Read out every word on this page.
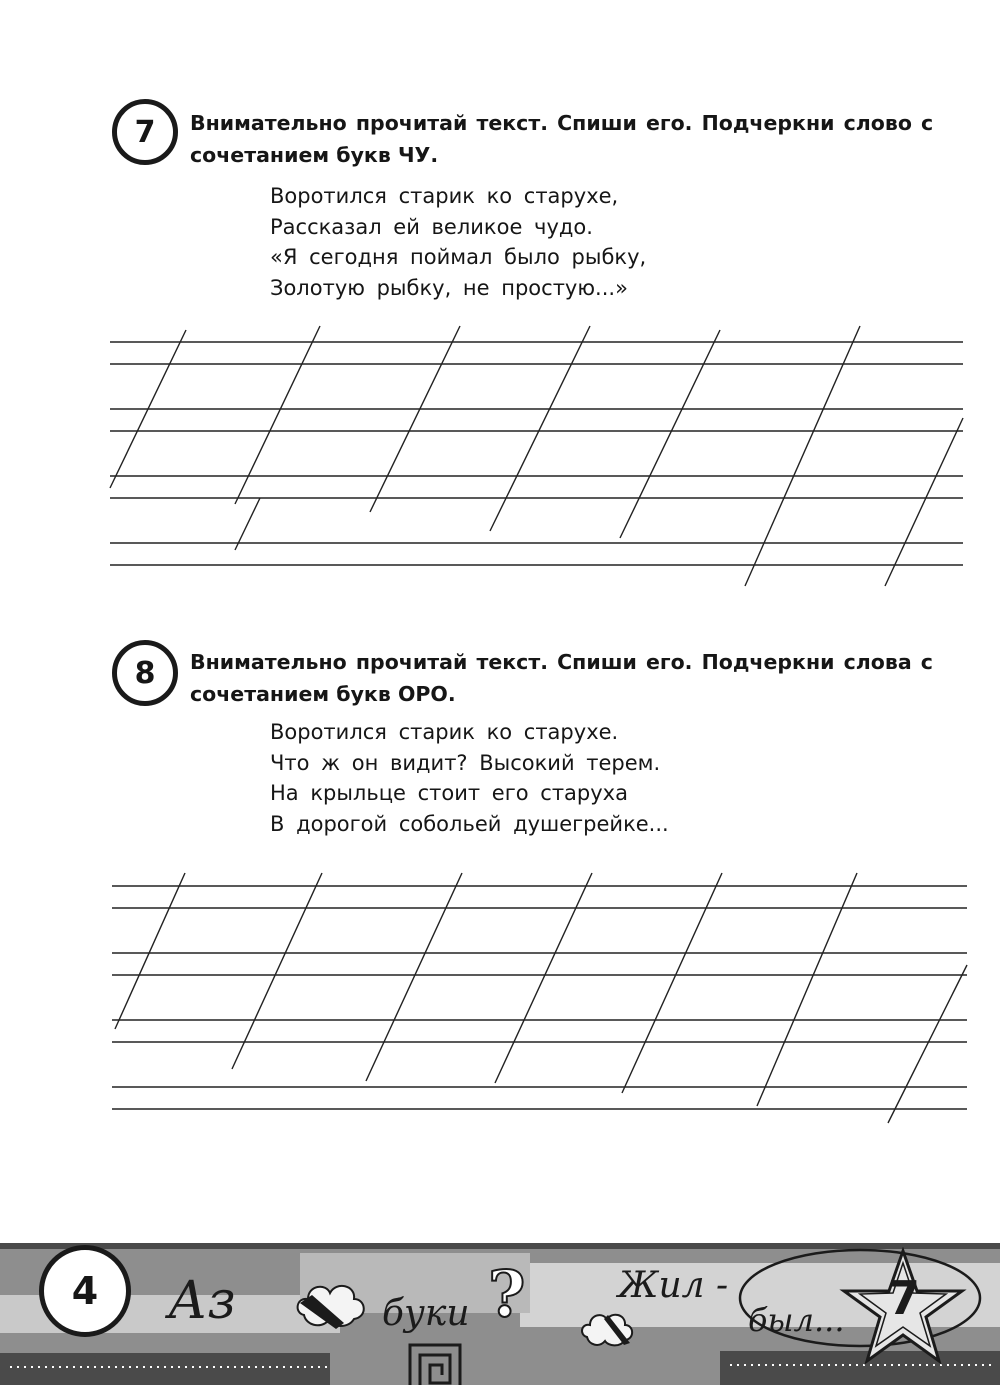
7	Внимательно прочитай текст. Спиши его. Подчеркни слово с
сочетанием букв ЧУ.
Воротился старик ко старухе,
Рассказал ей великое чудо.
«Я сегодня поймал было рыбку,
Золотую рыбку, не простую...»
8	Внимательно прочитай текст. Спиши его. Подчеркни слова с
сочетанием букв ОРО.
Воротился старик ко старухе.
Что ж он видит? Высокий терем.
На крыльце стоит его старуха
В дорогой собольей душегрейке...
Аз	буки ?	Жил -
был... 7
4
